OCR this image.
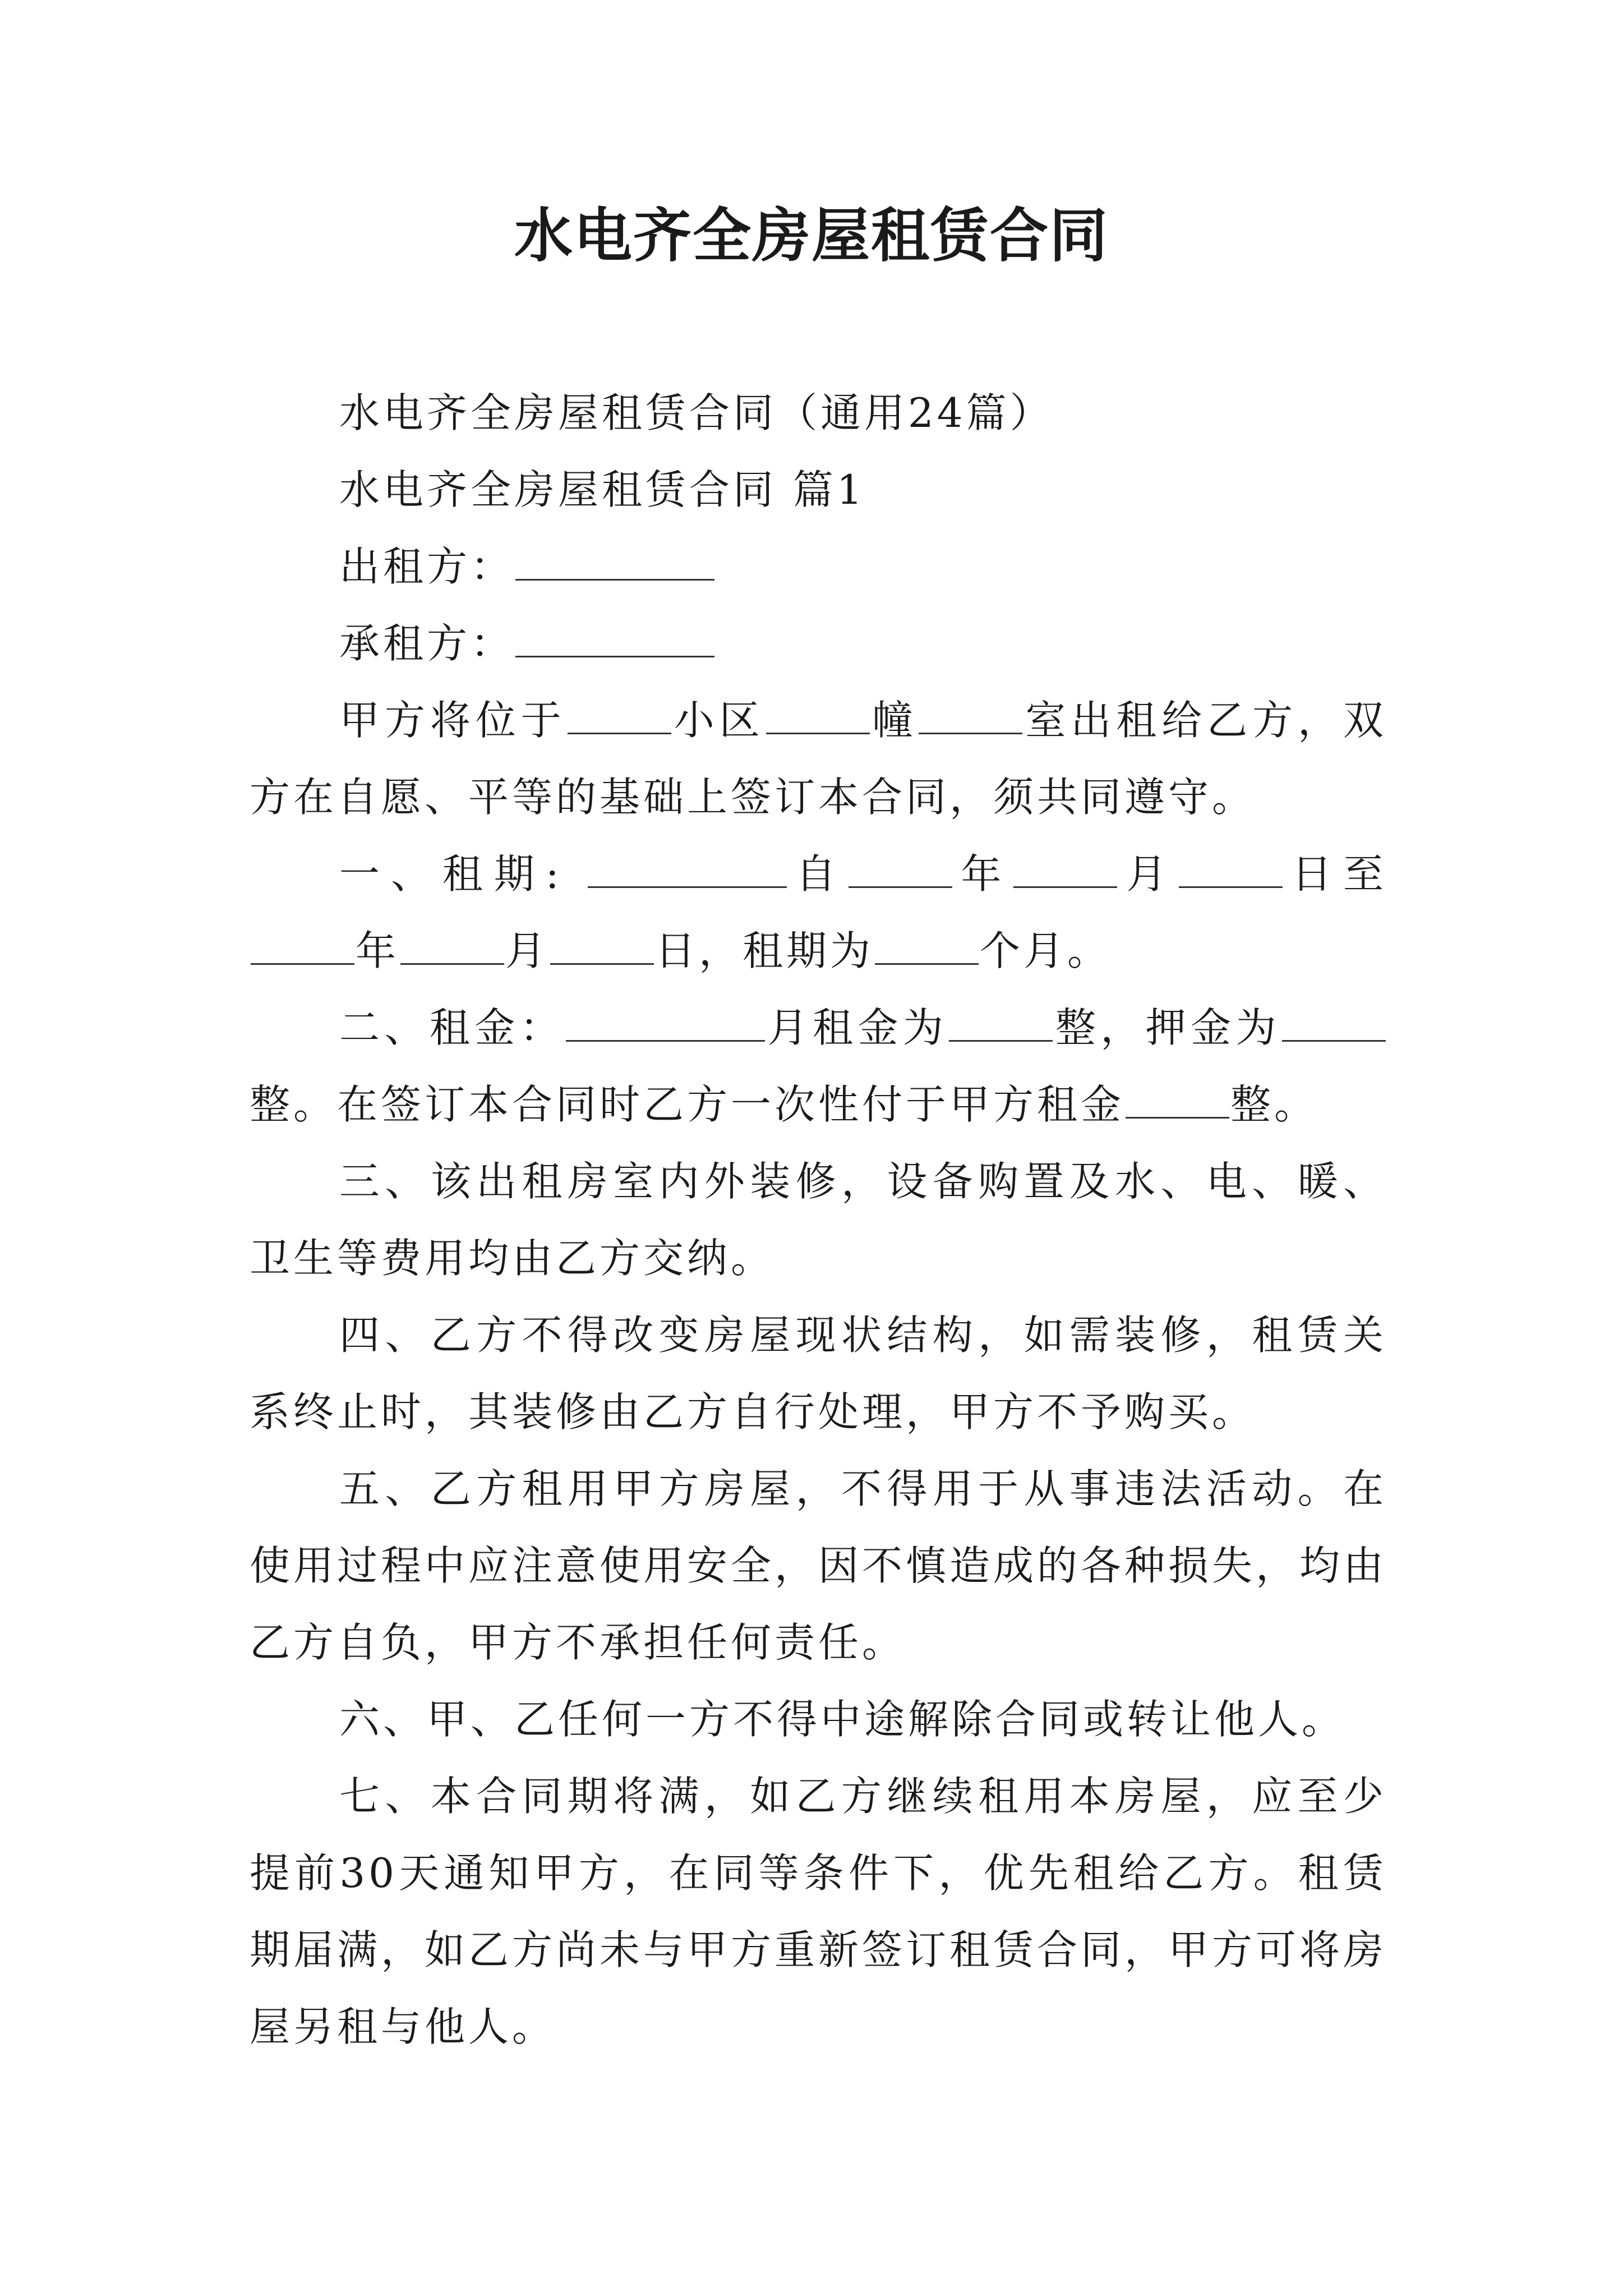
水电齐全房屋租赁合同

水电齐全房屋租赁合同（通用24篇）

水电齐全房屋租赁合同 篇1

出租方：

承租方：

甲方将位于	小区	幢	室出租给乙方，双方在自愿、平等的基础上签订本合同，须共同遵守。

一、租期:	自	年	月	日至年	月	日，租期为	个月。

二、租金：	月租金为	整，押金为整。在签订本合同时乙方一次性付于甲方租金	整。

三、该出租房室内外装修，设备购置及水、电、暖、卫生等费用均由乙方交纳。

四、乙方不得改变房屋现状结构，如需装修，租赁关系终止时，其装修由乙方自行处理，甲方不予购买。

五、乙方租用甲方房屋，不得用于从事违法活动。在使用过程中应注意使用安全，因不慎造成的各种损失，均由乙方自负，甲方不承担任何责任。

六、甲、乙任何一方不得中途解除合同或转让他人。

七、本合同期将满，如乙方继续租用本房屋，应至少提前30天通知甲方，在同等条件下，优先租给乙方。租赁期届满，如乙方尚未与甲方重新签订租赁合同，甲方可将房屋另租与他人。
